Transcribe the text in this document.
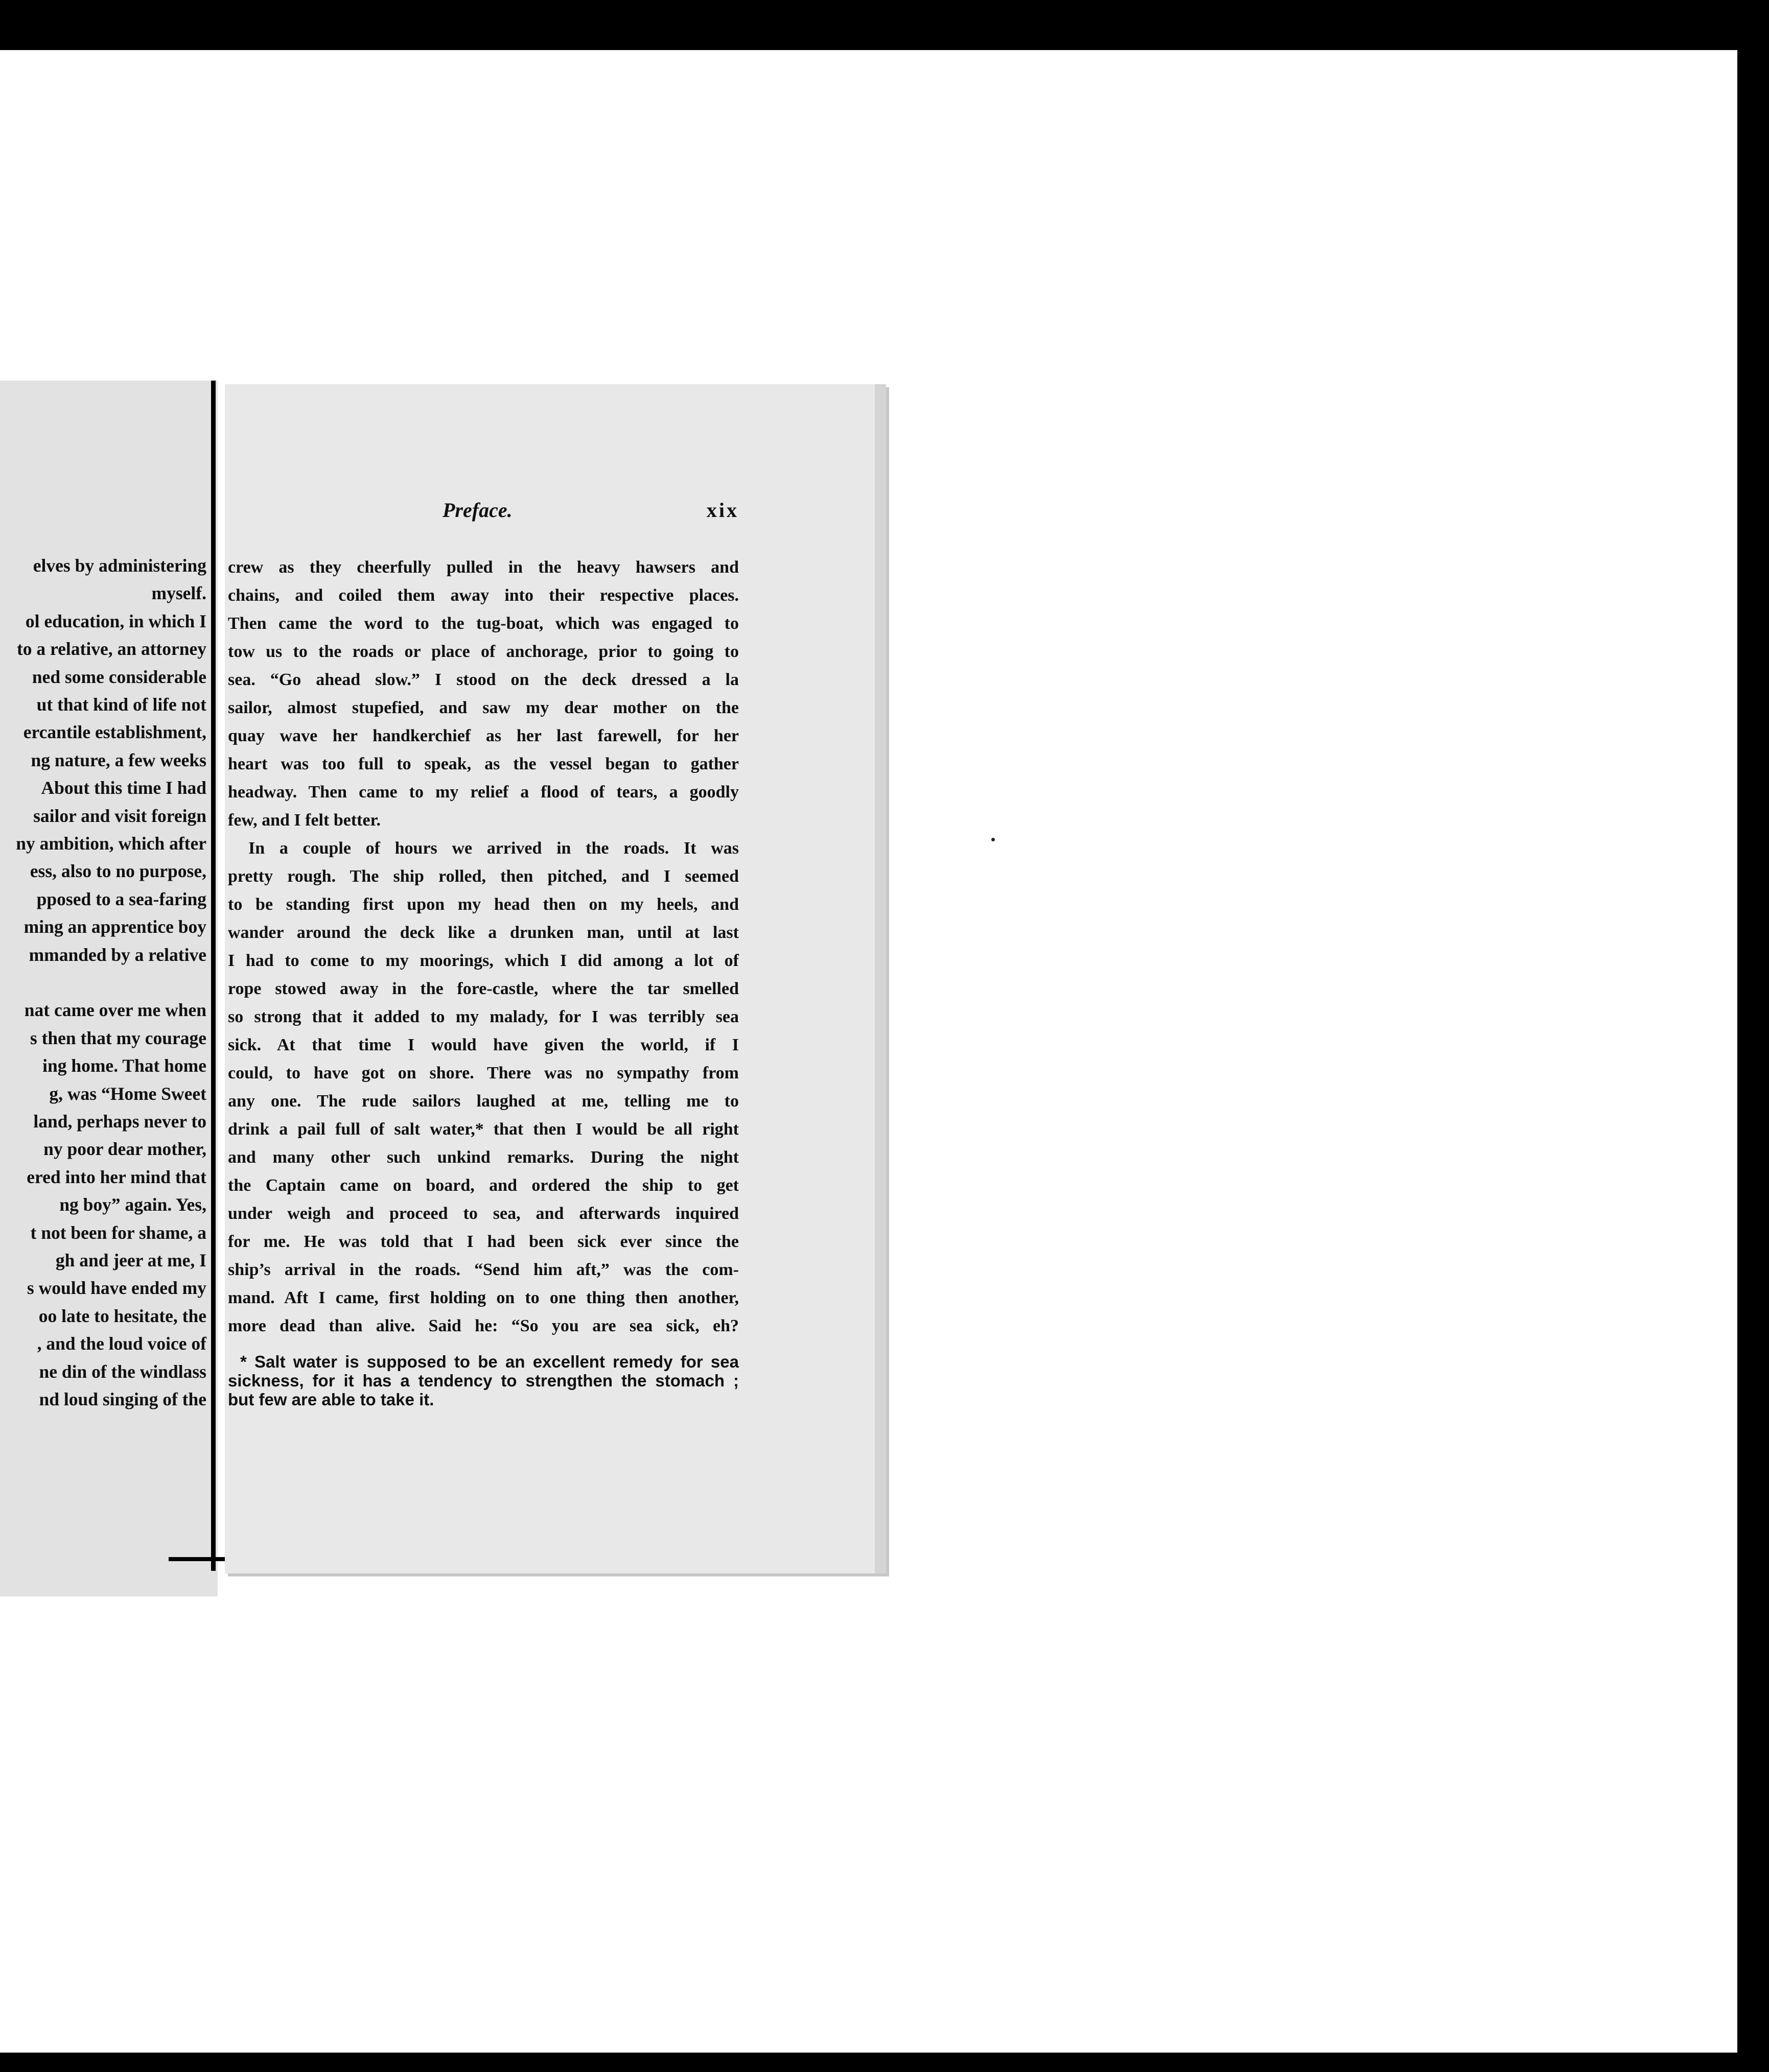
elves by administering
myself.
ol education, in which I
to a relative, an attorney
ned some considerable
ut that kind of life not
ercantile establishment,
ng nature, a few weeks
About this time I had
sailor and visit foreign
ny ambition, which after
ess, also to no purpose,
pposed to a sea-faring
ming an apprentice boy
mmanded by a relative
nat came over me when
s then that my courage
ing home. That home
g, was “Home Sweet
land, perhaps never to
ny poor dear mother,
ered into her mind that
ng boy” again. Yes,
t not been for shame, a
gh and jeer at me, I
s would have ended my
oo late to hesitate, the
, and the loud voice of
ne din of the windlass
nd loud singing of the
Preface.	xix

crew as they cheerfully pulled in the heavy hawsers and
chains, and coiled them away into their respective places.
Then came the word to the tug-boat, which was engaged to
tow us to the roads or place of anchorage, prior to going to
sea. “Go ahead slow.” I stood on the deck dressed a la
sailor, almost stupefied, and saw my dear mother on the
quay wave her handkerchief as her last farewell, for her
heart was too full to speak, as the vessel began to gather
headway. Then came to my relief a flood of tears, a goodly
few, and I felt better.

In a couple of hours we arrived in the roads. It was
pretty rough. The ship rolled, then pitched, and I seemed
to be standing first upon my head then on my heels, and
wander around the deck like a drunken man, until at last
I had to come to my moorings, which I did among a lot of
rope stowed away in the fore-castle, where the tar smelled
so strong that it added to my malady, for I was terribly sea
sick. At that time I would have given the world, if I
could, to have got on shore. There was no sympathy from
any one. The rude sailors laughed at me, telling me to
drink a pail full of salt water,* that then I would be all right
and many other such unkind remarks. During the night
the Captain came on board, and ordered the ship to get
under weigh and proceed to sea, and afterwards inquired
for me. He was told that I had been sick ever since the
ship’s arrival in the roads. “Send him aft,” was the com-
mand. Aft I came, first holding on to one thing then another,
more dead than alive. Said he: “So you are sea sick, eh?

* Salt water is supposed to be an excellent remedy for sea
sickness, for it has a tendency to strengthen the stomach ;
but few are able to take it.
